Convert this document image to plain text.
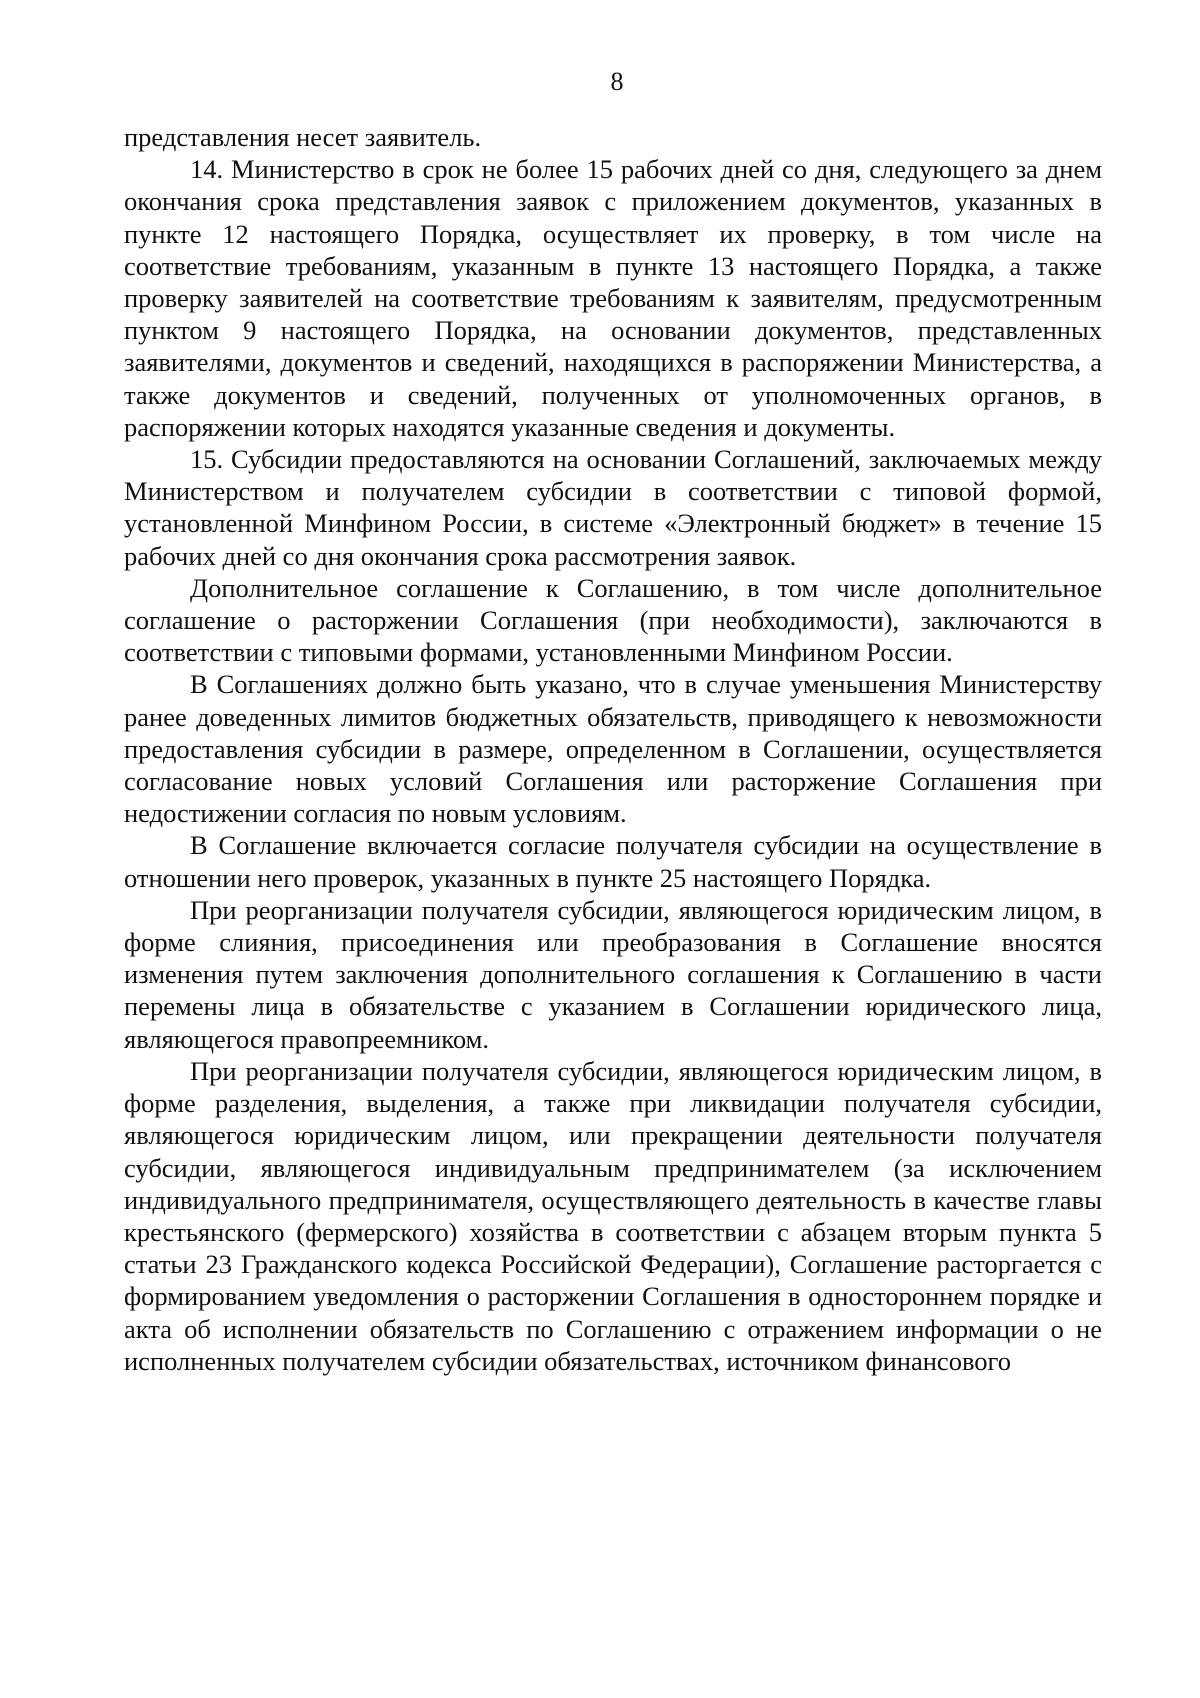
8

представления несет заявитель.

14. Министерство в срок не более 15 рабочих дней со дня, следующего за днем окончания срока представления заявок с приложением документов, указанных в пункте 12 настоящего Порядка, осуществляет их проверку, в том числе на соответствие требованиям, указанным в пункте 13 настоящего Порядка, а также проверку заявителей на соответствие требованиям к заявителям, предусмотренным пунктом 9 настоящего Порядка, на основании документов, представленных заявителями, документов и сведений, находящихся в распоряжении Министерства, а также документов и сведений, полученных от уполномоченных органов, в распоряжении которых находятся указанные сведения и документы.

15. Субсидии предоставляются на основании Соглашений, заключаемых между Министерством и получателем субсидии в соответствии с типовой формой, установленной Минфином России, в системе «Электронный бюджет» в течение 15 рабочих дней со дня окончания срока рассмотрения заявок.

Дополнительное соглашение к Соглашению, в том числе дополнительное соглашение о расторжении Соглашения (при необходимости), заключаются в соответствии с типовыми формами, установленными Минфином России.

В Соглашениях должно быть указано, что в случае уменьшения Министерству ранее доведенных лимитов бюджетных обязательств, приводящего к невозможности предоставления субсидии в размере, определенном в Соглашении, осуществляется согласование новых условий Соглашения или расторжение Соглашения при недостижении согласия по новым условиям.

В Соглашение включается согласие получателя субсидии на осуществление в отношении него проверок, указанных в пункте 25 настоящего Порядка.

При реорганизации получателя субсидии, являющегося юридическим лицом, в форме слияния, присоединения или преобразования в Соглашение вносятся изменения путем заключения дополнительного соглашения к Соглашению в части перемены лица в обязательстве с указанием в Соглашении юридического лица, являющегося правопреемником.

При реорганизации получателя субсидии, являющегося юридическим лицом, в форме разделения, выделения, а также при ликвидации получателя субсидии, являющегося юридическим лицом, или прекращении деятельности получателя субсидии, являющегося индивидуальным предпринимателем (за исключением индивидуального предпринимателя, осуществляющего деятельность в качестве главы крестьянского (фермерского) хозяйства в соответствии с абзацем вторым пункта 5 статьи 23 Гражданского кодекса Российской Федерации), Соглашение расторгается с формированием уведомления о расторжении Соглашения в одностороннем порядке и акта об исполнении обязательств по Соглашению с отражением информации о не исполненных получателем субсидии обязательствах, источником финансового
